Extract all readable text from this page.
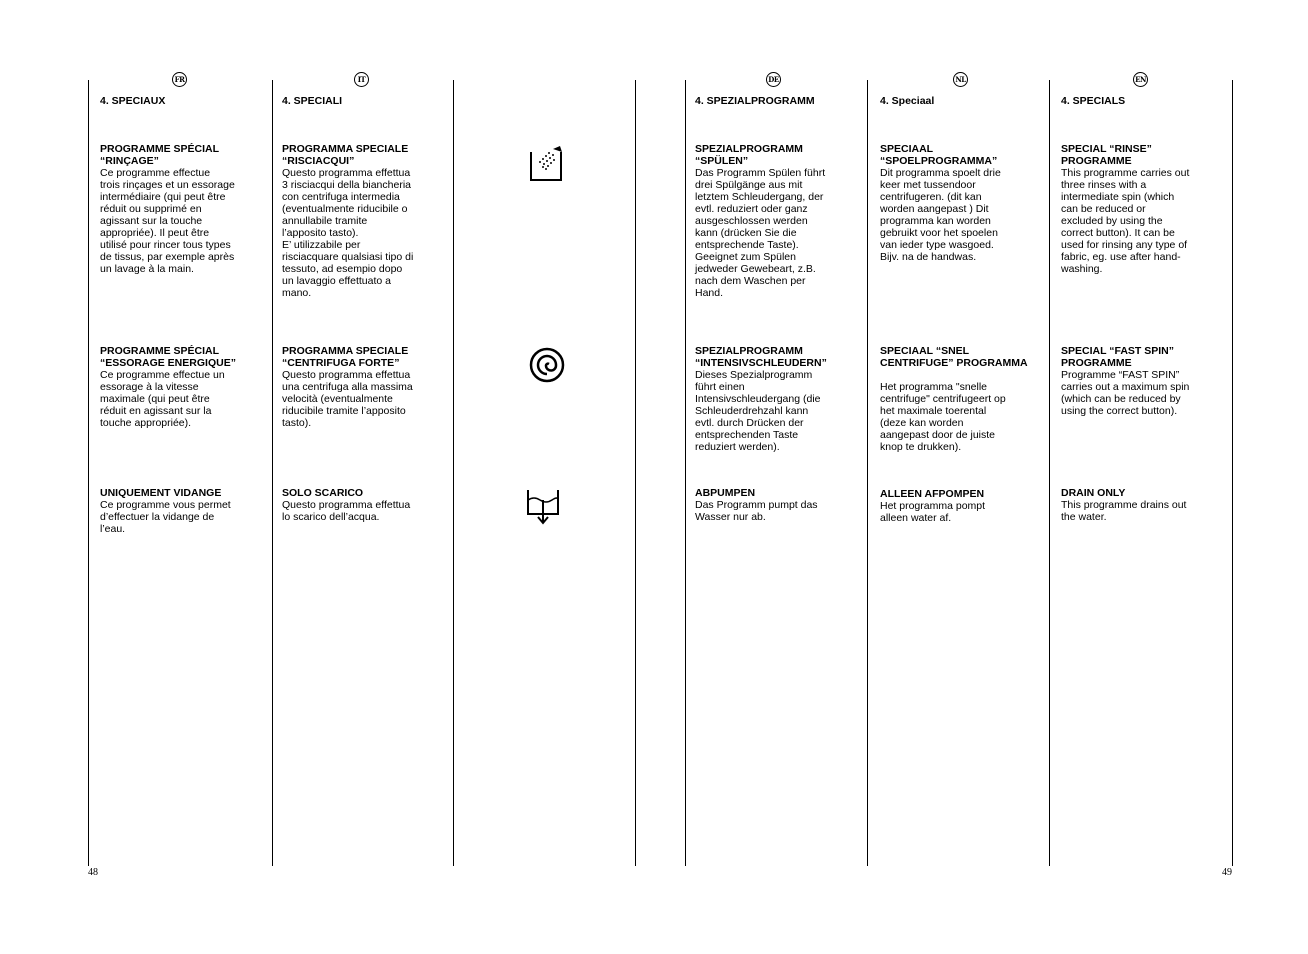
FR
4. SPECIAUX
PROGRAMME SPÉCIAL
“RINÇAGE”
Ce programme effectue
trois rinçages et un essorage
intermédiaire (qui peut être
réduit ou supprimé en
agissant sur la touche
appropriée). Il peut être
utilisé pour rincer tous types
de tissus, par exemple après
un lavage à la main.
PROGRAMME SPÉCIAL
“ESSORAGE ENERGIQUE”
Ce programme effectue un
essorage à la vitesse
maximale (qui peut être
réduit en agissant sur la
touche appropriée).
UNIQUEMENT VIDANGE
Ce programme vous permet
d’effectuer la vidange de
l’eau.
IT
4. SPECIALI
PROGRAMMA SPECIALE
“RISCIACQUI”
Questo programma effettua
3 risciacqui della biancheria
con centrifuga intermedia
(eventualmente riducibile o
annullabile tramite
l’apposito tasto).
E’ utilizzabile per
risciacquare qualsiasi tipo di
tessuto, ad esempio dopo
un lavaggio effettuato a
mano.
PROGRAMMA SPECIALE
“CENTRIFUGA FORTE”
Questo programma effettua
una centrifuga alla massima
velocità (eventualmente
riducibile tramite l’apposito
tasto).
SOLO SCARICO
Questo programma effettua
lo scarico dell’acqua.
DE
4. SPEZIALPROGRAMM
SPEZIALPROGRAMM
“SPÜLEN”
Das Programm Spülen führt
drei Spülgänge aus mit
letztem Schleudergang, der
evtl. reduziert oder ganz
ausgeschlossen werden
kann (drücken Sie die
entsprechende Taste).
Geeignet zum Spülen
jedweder Gewebeart, z.B.
nach dem Waschen per
Hand.
SPEZIALPROGRAMM
“INTENSIVSCHLEUDERN”
Dieses Spezialprogramm
führt einen
Intensivschleudergang (die
Schleuderdrehzahl kann
evtl. durch Drücken der
entsprechenden Taste
reduziert werden).
ABPUMPEN
Das Programm pumpt das
Wasser nur ab.
NL
4. Speciaal
SPECIAAL
“SPOELPROGRAMMA”
Dit programma spoelt drie
keer met tussendoor
centrifugeren. (dit kan
worden aangepast ) Dit
programma kan worden
gebruikt voor het spoelen
van ieder type wasgoed.
Bijv. na de handwas.
SPECIAAL “SNEL
CENTRIFUGE” PROGRAMMA

Het programma "snelle
centrifuge" centrifugeert op
het maximale toerental
(deze kan worden
aangepast door de juiste
knop te drukken).
ALLEEN AFPOMPEN
Het programma pompt
alleen water af.
EN
4. SPECIALS
SPECIAL “RINSE”
PROGRAMME
This programme carries out
three rinses with a
intermediate spin (which
can be reduced or
excluded by using the
correct button). It can be
used for rinsing any type of
fabric, eg. use after hand-
washing.
SPECIAL “FAST SPIN”
PROGRAMME
Programme “FAST SPIN”
carries out a maximum spin
(which can be reduced by
using the correct button).
DRAIN ONLY
This programme drains out
the water.
48	49
